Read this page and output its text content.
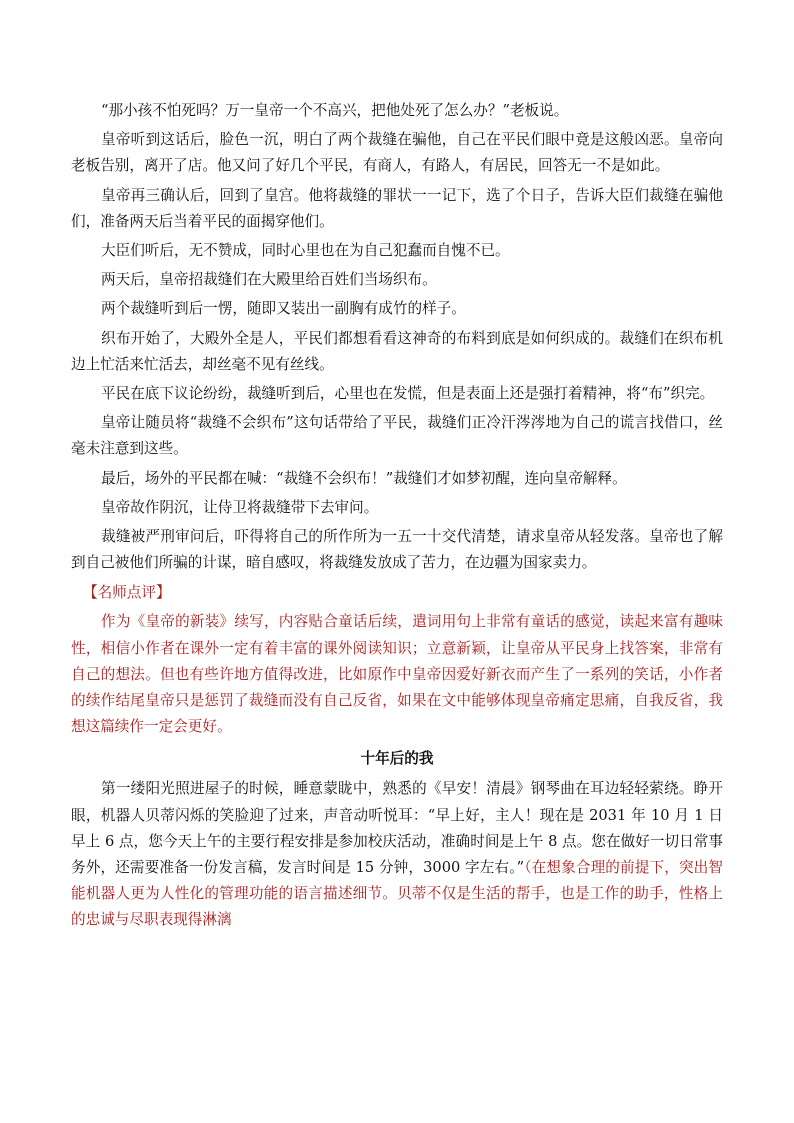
“那小孩不怕死吗？万一皇帝一个不高兴，把他处死了怎么办？”老板说。

皇帝听到这话后，脸色一沉，明白了两个裁缝在骗他，自己在平民们眼中竟是这般凶恶。皇帝向老板告别，离开了店。他又问了好几个平民，有商人，有路人，有居民，回答无一不是如此。

皇帝再三确认后，回到了皇宫。他将裁缝的罪状一一记下，选了个日子，告诉大臣们裁缝在骗他们，准备两天后当着平民的面揭穿他们。

大臣们听后，无不赞成，同时心里也在为自己犯蠢而自愧不已。

两天后，皇帝招裁缝们在大殿里给百姓们当场织布。

两个裁缝听到后一愣，随即又装出一副胸有成竹的样子。

织布开始了，大殿外全是人，平民们都想看看这神奇的布料到底是如何织成的。裁缝们在织布机边上忙活来忙活去，却丝毫不见有丝线。

平民在底下议论纷纷，裁缝听到后，心里也在发慌，但是表面上还是强打着精神，将“布”织完。

皇帝让随员将“裁缝不会织布”这句话带给了平民，裁缝们正冷汗涔涔地为自己的谎言找借口，丝毫未注意到这些。

最后，场外的平民都在喊：“裁缝不会织布！”裁缝们才如梦初醒，连向皇帝解释。

皇帝故作阴沉，让侍卫将裁缝带下去审问。

裁缝被严刑审问后，吓得将自己的所作所为一五一十交代清楚，请求皇帝从轻发落。皇帝也了解到自己被他们所骗的计谋，暗自感叹，将裁缝发放成了苦力，在边疆为国家卖力。

【名师点评】

作为《皇帝的新装》续写，内容贴合童话后续，遣词用句上非常有童话的感觉，读起来富有趣味性，相信小作者在课外一定有着丰富的课外阅读知识；立意新颖，让皇帝从平民身上找答案，非常有自己的想法。但也有些许地方值得改进，比如原作中皇帝因爱好新衣而产生了一系列的笑话，小作者的续作结尾皇帝只是惩罚了裁缝而没有自己反省，如果在文中能够体现皇帝痛定思痛，自我反省，我想这篇续作一定会更好。

十年后的我

第一缕阳光照进屋子的时候，睡意蒙眬中，熟悉的《早安！清晨》钢琴曲在耳边轻轻萦绕。睁开眼，机器人贝蒂闪烁的笑脸迎了过来，声音动听悦耳：“早上好，主人！现在是 2031 年 10 月 1 日早上 6 点，您今天上午的主要行程安排是参加校庆活动，准确时间是上午 8 点。您在做好一切日常事务外，还需要准备一份发言稿，发言时间是 15 分钟，3000 字左右。”（在想象合理的前提下，突出智能机器人更为人性化的管理功能的语言描述细节。贝蒂不仅是生活的帮手，也是工作的助手，性格上的忠诚与尽职表现得淋漓
